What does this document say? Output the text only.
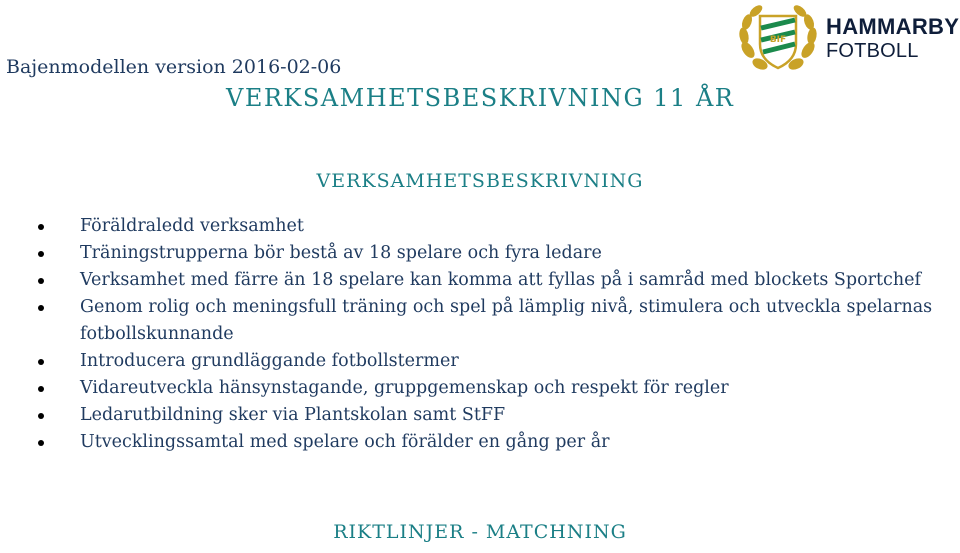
Bajenmodellen version 2016-02-06
VERKSAMHETSBESKRIVNING 11 ÅR
BIF
HAMMARBY
FOTBOLL
VERKSAMHETSBESKRIVNING
Föräldraledd verksamhet
Träningstrupperna bör bestå av 18 spelare och fyra ledare
Verksamhet med färre än 18 spelare kan komma att fyllas på i samråd med blockets Sportchef
Genom rolig och meningsfull träning och spel på lämplig nivå, stimulera och utveckla spelarnas fotbollskunnande
Introducera grundläggande fotbollstermer
Vidareutveckla hänsynstagande, gruppgemenskap och respekt för regler
Ledarutbildning sker via Plantskolan samt StFF
Utvecklingssamtal med spelare och förälder en gång per år
RIKTLINJER - MATCHNING
